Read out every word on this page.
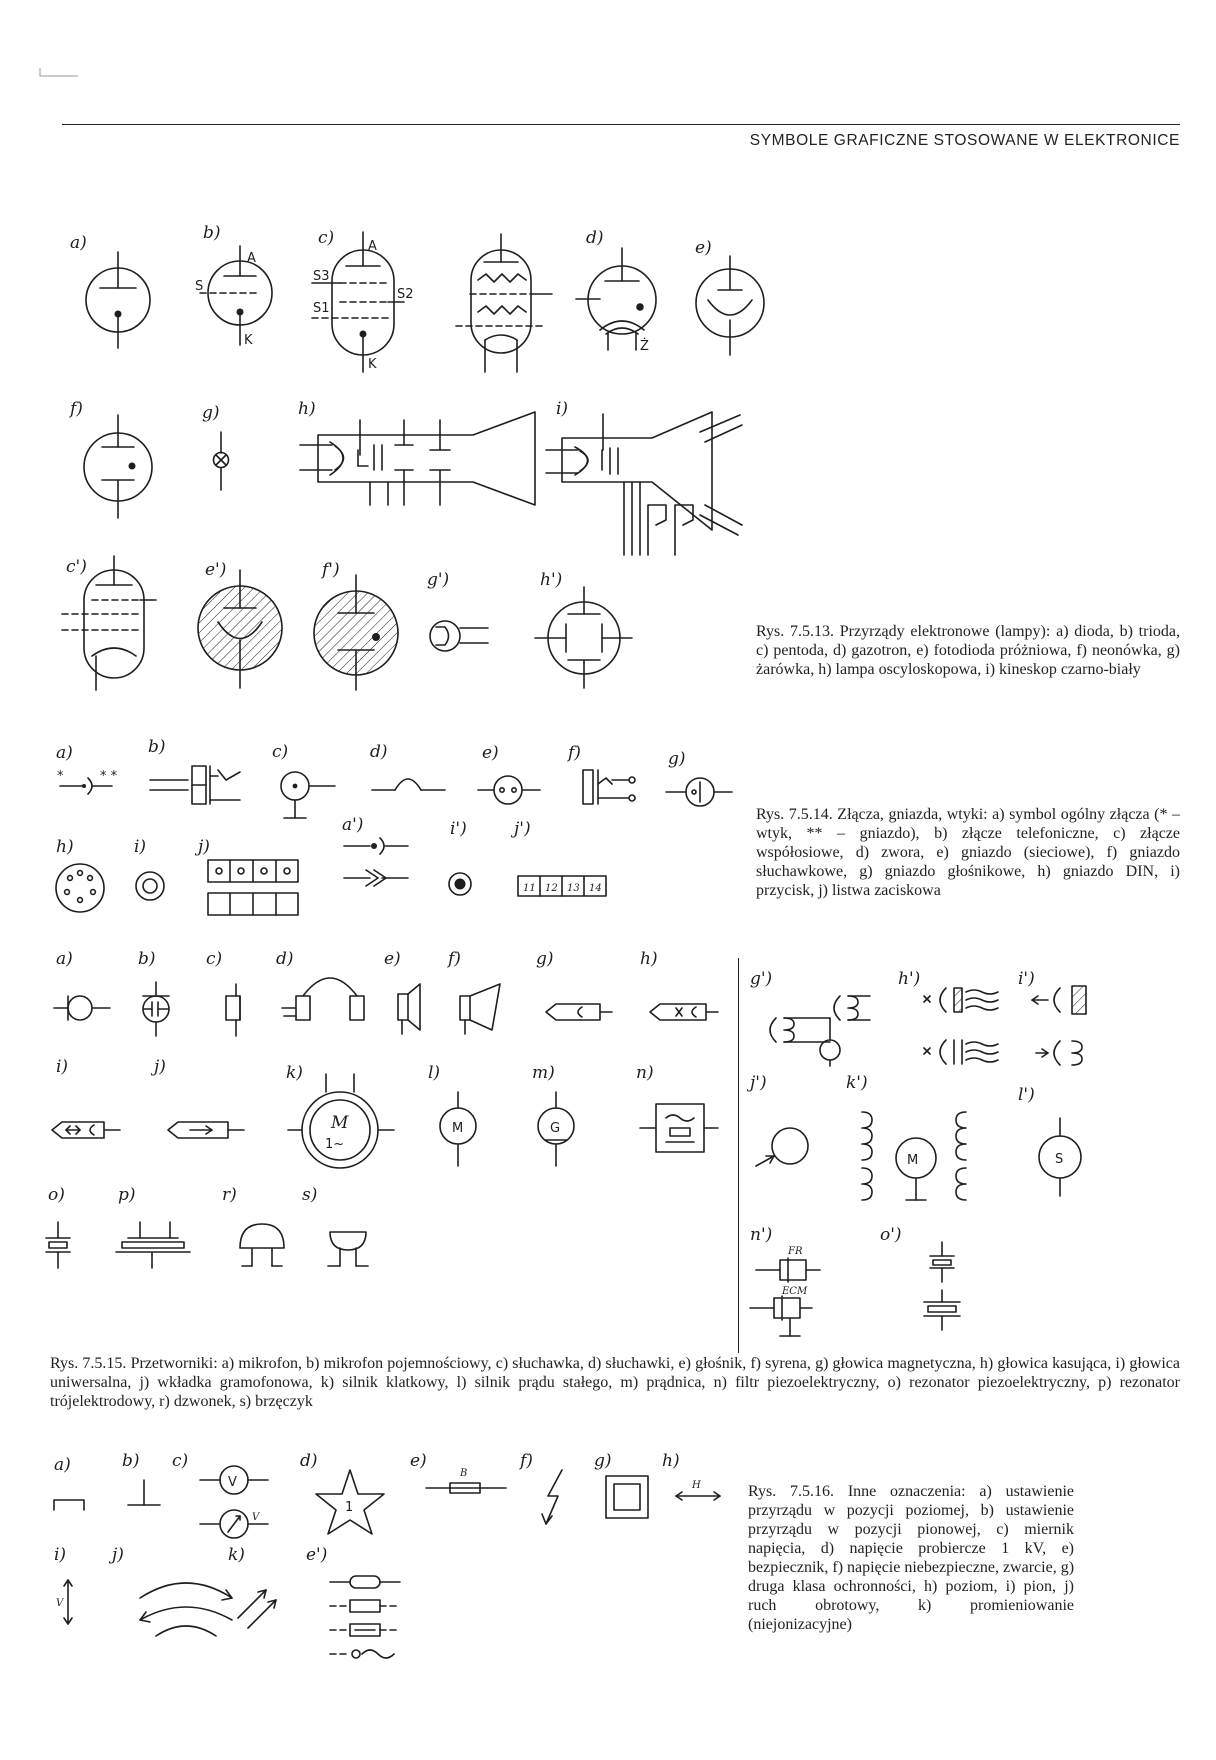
SYMBOLE GRAFICZNE STOSOWANE W ELEKTRONICE
a)	b)
A
S
K
c)	A
S3
S1
S2
K
d)
Ż
e)
f)	g)	h)	i)
c')	e')	f')	g')	h')
a)
*	* *
b)	c)	d)	e)	f)	g)
h)	i)	j)
a')	i')	j')
11 12 13 14
a)	b)	c)	d)	e)	f)	g)	h)
i)	j)	k)
M
1~
l)
M
m)
G
n)
o)	p)	r)	s)
g')	h')	i')
j')	k')
M
l')
S
n')
FR
ECM
o')
a)	b) c)
V
V
d)
1
e)
B
f)	g)	h)
H
i)
V
j)	k)	e')
Rys. 7.5.13. Przyrządy elektronowe (lampy): a) dioda, b) trioda, c) pentoda, d) gazotron, e) fotodioda próżniowa, f) neonówka, g) żarówka, h) lampa oscyloskopowa, i) kineskop czarno-biały
Rys. 7.5.14. Złącza, gniazda, wtyki: a) symbol ogólny złącza (* – wtyk, ** – gniazdo), b) złącze telefoniczne, c) złącze współosiowe, d) zwora, e) gniazdo (sieciowe), f) gniazdo słuchawkowe, g) gniazdo głośnikowe, h) gniazdo DIN, i) przycisk, j) listwa zaciskowa
Rys. 7.5.15. Przetworniki: a) mikrofon, b) mikrofon pojemnościowy, c) słuchawka, d) słuchawki, e) głośnik, f) syrena, g) głowica magnetyczna, h) głowica kasująca, i) głowica uniwersalna, j) wkładka gramofonowa, k) silnik klatkowy, l) silnik prądu stałego, m) prądnica, n) filtr piezoelektryczny, o) rezonator piezoelektryczny, p) rezonator trójelektrodowy, r) dzwonek, s) brzęczyk
Rys. 7.5.16. Inne oznaczenia: a) ustawienie przyrządu w pozycji poziomej, b) ustawienie przyrządu w pozycji pionowej, c) miernik napięcia, d) napięcie probiercze 1 kV, e) bezpiecznik, f) napięcie niebezpieczne, zwarcie, g) druga klasa ochronności, h) poziom, i) pion, j) ruch obrotowy, k) promieniowanie (niejonizacyjne)
